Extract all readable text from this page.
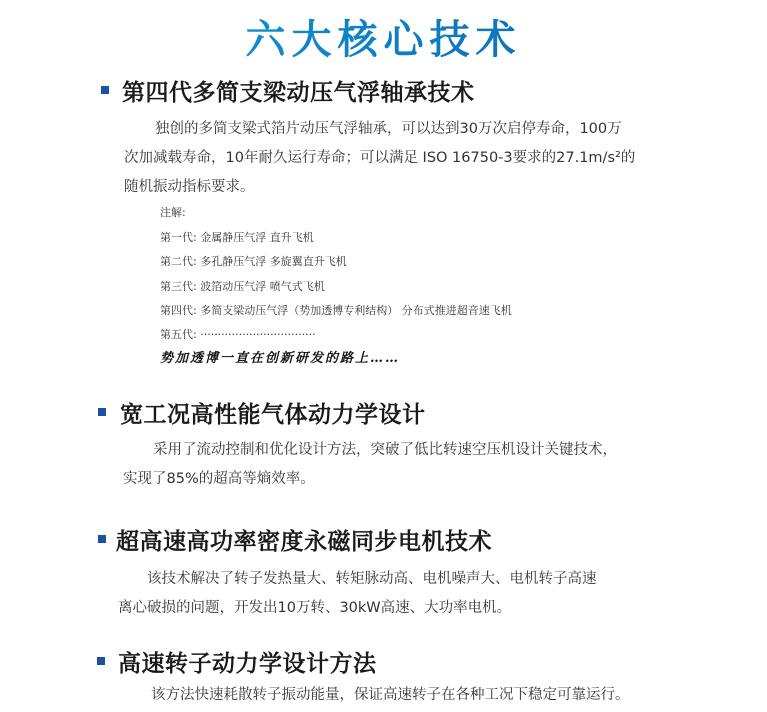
六大核心技术
第四代多简支梁动压气浮轴承技术
独创的多简支梁式箔片动压气浮轴承，可以达到30万次启停寿命，100万
次加减载寿命，10年耐久运行寿命；可以满足 ISO 16750-3要求的27.1m/s²的
随机振动指标要求。
注解:
第一代: 金属静压气浮 直升飞机
第二代: 多孔静压气浮 多旋翼直升飞机
第三代: 波箔动压气浮 喷气式飞机
第四代: 多简支梁动压气浮（势加透博专利结构） 分布式推进超音速飞机
第五代: ·································
势加透博一直在创新研发的路上……
宽工况高性能气体动力学设计
采用了流动控制和优化设计方法，突破了低比转速空压机设计关键技术，
实现了85%的超高等熵效率。
超高速高功率密度永磁同步电机技术
该技术解决了转子发热量大、转矩脉动高、电机噪声大、电机转子高速
离心破损的问题，开发出10万转、30kW高速、大功率电机。
高速转子动力学设计方法
该方法快速耗散转子振动能量，保证高速转子在各种工况下稳定可靠运行。
